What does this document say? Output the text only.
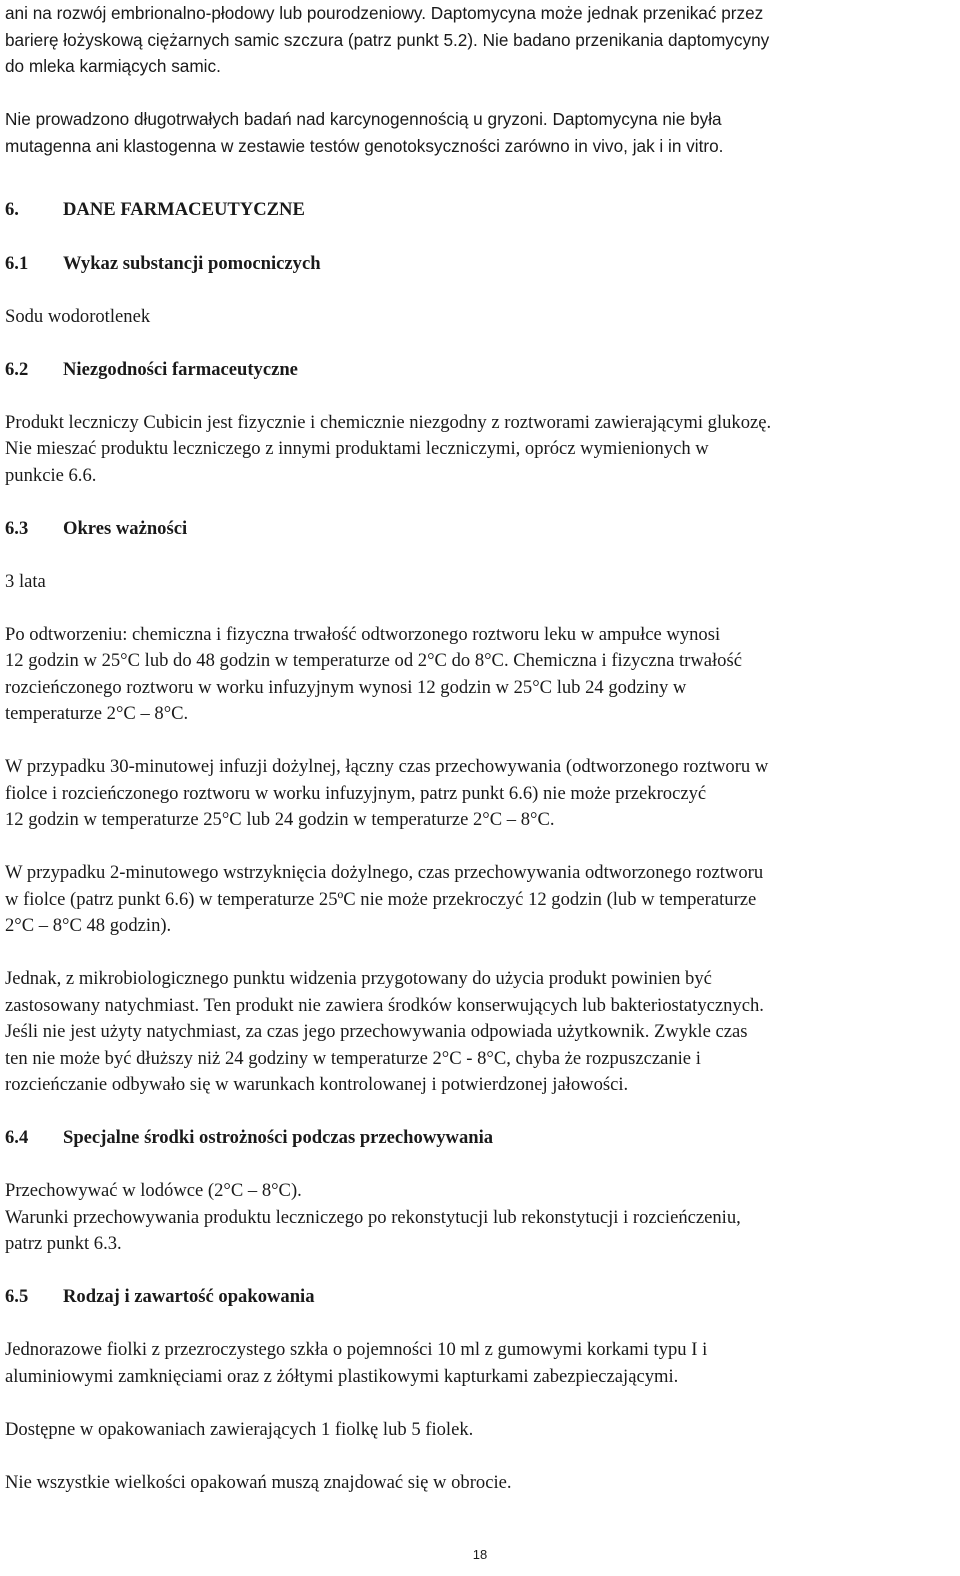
ani na rozwój embrionalno-płodowy lub pourodzeniowy. Daptomycyna może jednak przenikać przez
barierę łożyskową ciężarnych samic szczura (patrz punkt 5.2). Nie badano przenikania daptomycyny
do mleka karmiących samic.

Nie prowadzono długotrwałych badań nad karcynogennością u gryzoni. Daptomycyna nie była
mutagenna ani klastogenna w zestawie testów genotoksyczności zarówno in vivo, jak i in vitro.

6.	DANE FARMACEUTYCZNE
6.1	Wykaz substancji pomocniczych

Sodu wodorotlenek

6.2	Niezgodności farmaceutyczne

Produkt leczniczy Cubicin jest fizycznie i chemicznie niezgodny z roztworami zawierającymi glukozę.
Nie mieszać produktu leczniczego z innymi produktami leczniczymi, oprócz wymienionych w
punkcie 6.6.

6.3	Okres ważności

3 lata

Po odtworzeniu: chemiczna i fizyczna trwałość odtworzonego roztworu leku w ampułce wynosi
12 godzin w 25°C lub do 48 godzin w temperaturze od 2°C do 8°C. Chemiczna i fizyczna trwałość
rozcieńczonego roztworu w worku infuzyjnym wynosi 12 godzin w 25°C lub 24 godziny w
temperaturze 2°C – 8°C.

W przypadku 30-minutowej infuzji dożylnej, łączny czas przechowywania (odtworzonego roztworu w
fiolce i rozcieńczonego roztworu w worku infuzyjnym, patrz punkt 6.6) nie może przekroczyć
12 godzin w temperaturze 25°C lub 24 godzin w temperaturze 2°C – 8°C.

W przypadku 2-minutowego wstrzyknięcia dożylnego, czas przechowywania odtworzonego roztworu
w fiolce (patrz punkt 6.6) w temperaturze 25ºC nie może przekroczyć 12 godzin (lub w temperaturze
2°C – 8°C 48 godzin).

Jednak, z mikrobiologicznego punktu widzenia przygotowany do użycia produkt powinien być
zastosowany natychmiast. Ten produkt nie zawiera środków konserwujących lub bakteriostatycznych.
Jeśli nie jest użyty natychmiast, za czas jego przechowywania odpowiada użytkownik. Zwykle czas
ten nie może być dłuższy niż 24 godziny w temperaturze 2°C - 8°C, chyba że rozpuszczanie i
rozcieńczanie odbywało się w warunkach kontrolowanej i potwierdzonej jałowości.

6.4	Specjalne środki ostrożności podczas przechowywania

Przechowywać w lodówce (2°C – 8°C).
Warunki przechowywania produktu leczniczego po rekonstytucji lub rekonstytucji i rozcieńczeniu,
patrz punkt 6.3.

6.5	Rodzaj i zawartość opakowania

Jednorazowe fiolki z przezroczystego szkła o pojemności 10 ml z gumowymi korkami typu I i
aluminiowymi zamknięciami oraz z żółtymi plastikowymi kapturkami zabezpieczającymi.

Dostępne w opakowaniach zawierających 1 fiolkę lub 5 fiolek.

Nie wszystkie wielkości opakowań muszą znajdować się w obrocie.

18
